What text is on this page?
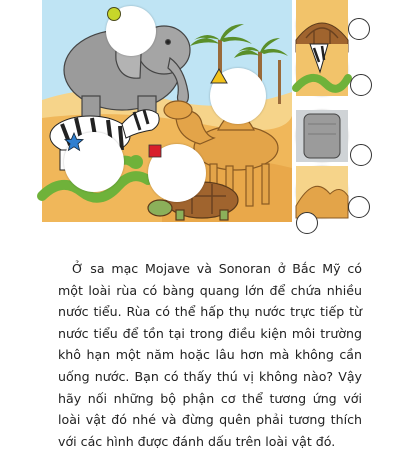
Ở sa mạc Mojave và Sonoran ở Bắc Mỹ có một loài rùa có bàng quang lớn để chứa nhiều nước tiểu. Rùa có thể hấp thụ nước trực tiếp từ nước tiểu để tồn tại trong điều kiện môi trường khô hạn một năm hoặc lâu hơn mà không cần uống nước. Bạn có thấy thú vị không nào? Vậy hãy nối những bộ phận cơ thể tương ứng với loài vật đó nhé và đừng quên phải tương thích với các hình được đánh dấu trên loài vật đó.
